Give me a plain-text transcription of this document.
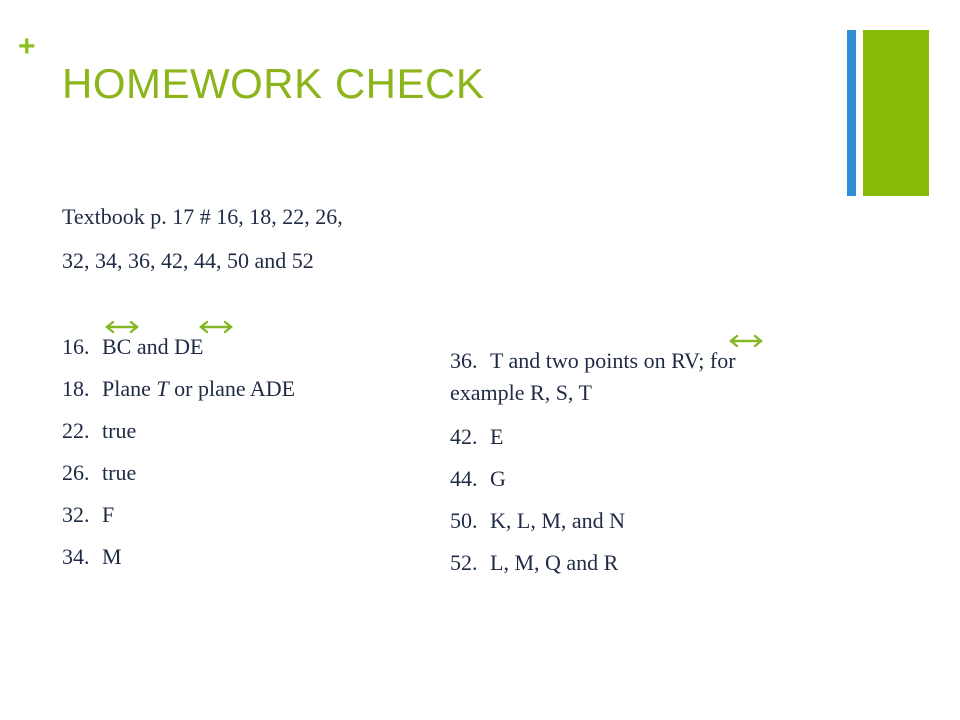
+
HOMEWORK CHECK
Textbook p. 17 # 16, 18, 22, 26,
32, 34, 36, 42, 44, 50 and 52
16. BC and DE
18. Plane T or plane ADE
22. true
26. true
32. F
34. M
36. T and two points on RV; for
example R, S, T
42. E
44. G
50. K, L, M, and N
52. L, M, Q and R
